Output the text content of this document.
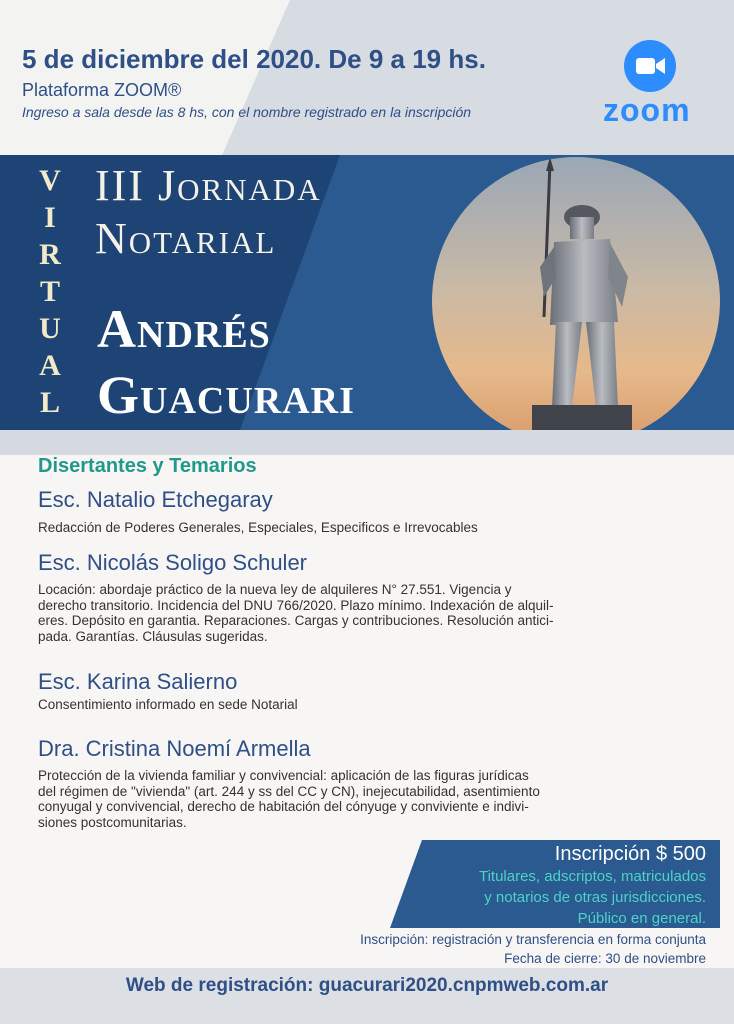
5 de diciembre del 2020. De 9 a 19 hs.
Plataforma ZOOM®
Ingreso a sala desde las 8 hs, con el nombre registrado en la inscripción	zoom
V
I
R
T
U
A
L
III Jornada
Notarial
Andrés
Guacurari
Disertantes y Temarios
Esc. Natalio Etchegaray
Redacción de Poderes Generales, Especiales, Especificos e Irrevocables
Esc. Nicolás Soligo Schuler
Locación: abordaje práctico de la nueva ley de alquileres N° 27.551. Vigencia y
derecho transitorio. Incidencia del DNU 766/2020. Plazo mínimo. Indexación de alquil-
eres. Depósito en garantia. Reparaciones. Cargas y contribuciones. Resolución antici-
pada. Garantías. Cláusulas sugeridas.
Esc. Karina Salierno
Consentimiento informado en sede Notarial
Dra. Cristina Noemí Armella
Protección de la vivienda familiar y convivencial: aplicación de las figuras jurídicas
del régimen de "vivienda" (art. 244 y ss del CC y CN), inejecutabilidad, asentimiento
conyugal y convivencial, derecho de habitación del cónyuge y conviviente e indivi-
siones postcomunitarias.
Inscripción $ 500
Titulares, adscriptos, matriculados
y notarios de otras jurisdicciones.
Público en general.
Inscripción: registración y transferencia en forma conjunta
Fecha de cierre: 30 de noviembre
Web de registración: guacurari2020.cnpmweb.com.ar
